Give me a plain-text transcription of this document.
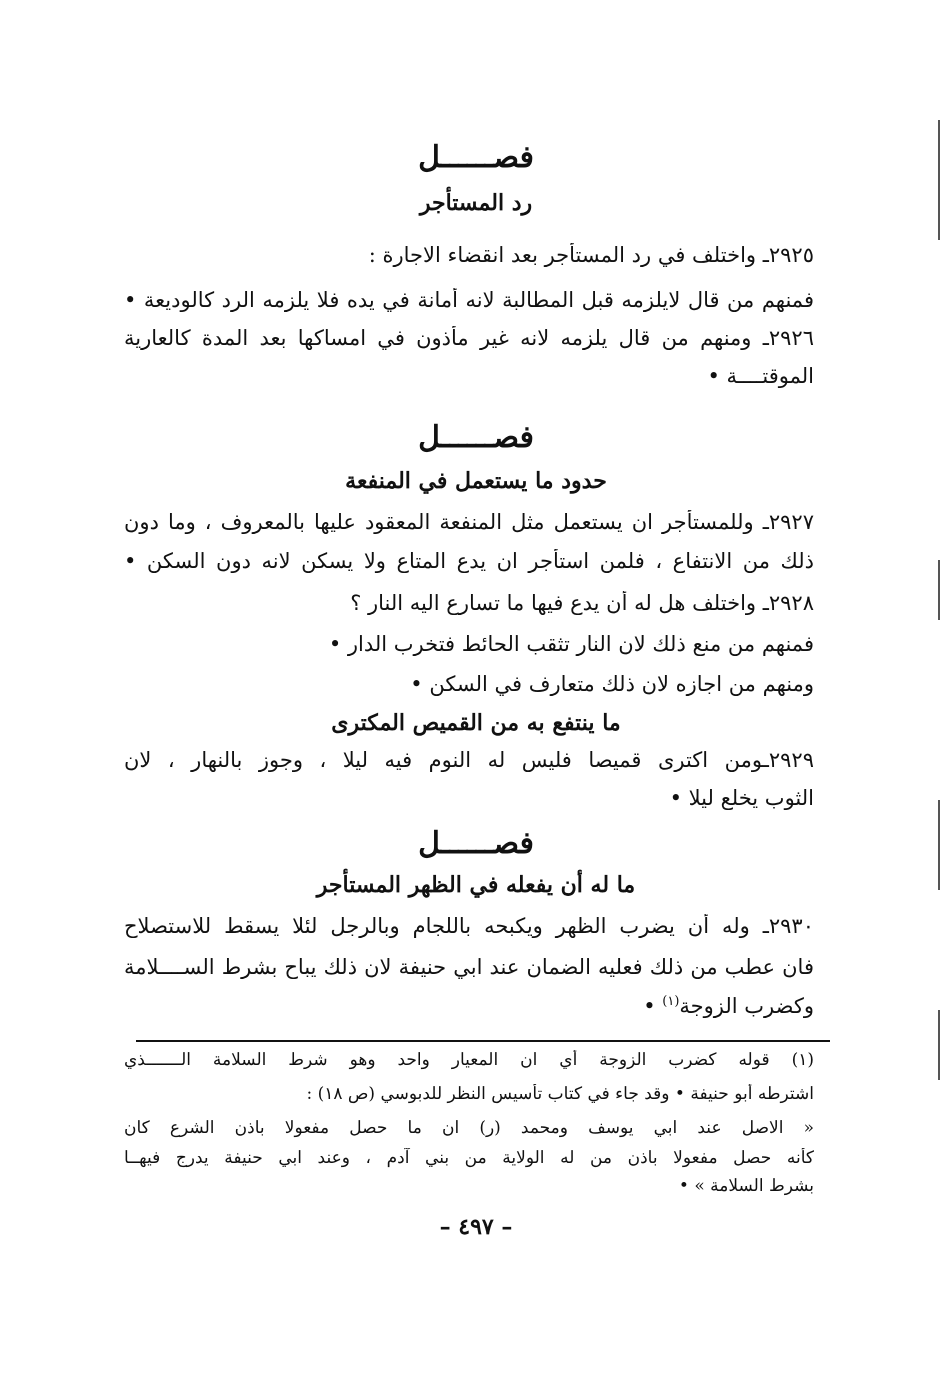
فصــــــل
رد المستأجر
٢٩٢٥ـ واختلف في رد المستأجر بعد انقضاء الاجارة :
فمنهم من قال لايلزمه قبل المطالبة لانه أمانة في يده فلا يلزمه الرد كالوديعة •
٢٩٢٦ـ ومنهم من قال يلزمه لانه غير مأذون في امساكها بعد المدة كالعارية
الموقتــــة •
فصــــــل
حدود ما يستعمل في المنفعة
٢٩٢٧ـ وللمستأجر ان يستعمل مثل المنفعة المعقود عليها بالمعروف ، وما دون
ذلك من الانتفاع ، فلمن استأجر ان يدع المتاع ولا يسكن لانه دون السكن •
٢٩٢٨ـ واختلف هل له أن يدع فيها ما تسارع اليه النار ؟
فمنهم من منع ذلك لان النار تثقب الحائط فتخرب الدار •
ومنهم من اجازه لان ذلك متعارف في السكن •
ما ينتفع به من القميص المكترى
٢٩٢٩ـومن اكترى قميصا فليس له النوم فيه ليلا ، وجوز بالنهار ، لان
الثوب يخلع ليلا •
فصــــــل
ما له أن يفعله في الظهر المستأجر
٢٩٣٠ـ وله أن يضرب الظهر ويكبحه باللجام وبالرجل لئلا يسقط للاستصلاح
فان عطب من ذلك فعليه الضمان عند ابي حنيفة لان ذلك يباح بشرط الســــلامة
وكضرب الزوجة$^{(١)}$ •
(١) قوله كضرب الزوجة أي ان المعيار واحد وهو شرط السلامة الـــــــذي
اشترطه أبو حنيفة • وقد جاء في كتاب تأسيس النظر للدبوسي (ص ١٨) :
« الاصل عند ابي يوسف ومحمد (ر) ان ما حصل مفعولا باذن الشرع كان
كأنه حصل مفعولا باذن من له الولاية من بني آدم ، وعند ابي حنيفة يدرج فيهــا
بشرط السلامة » •
– ٤٩٧ –
